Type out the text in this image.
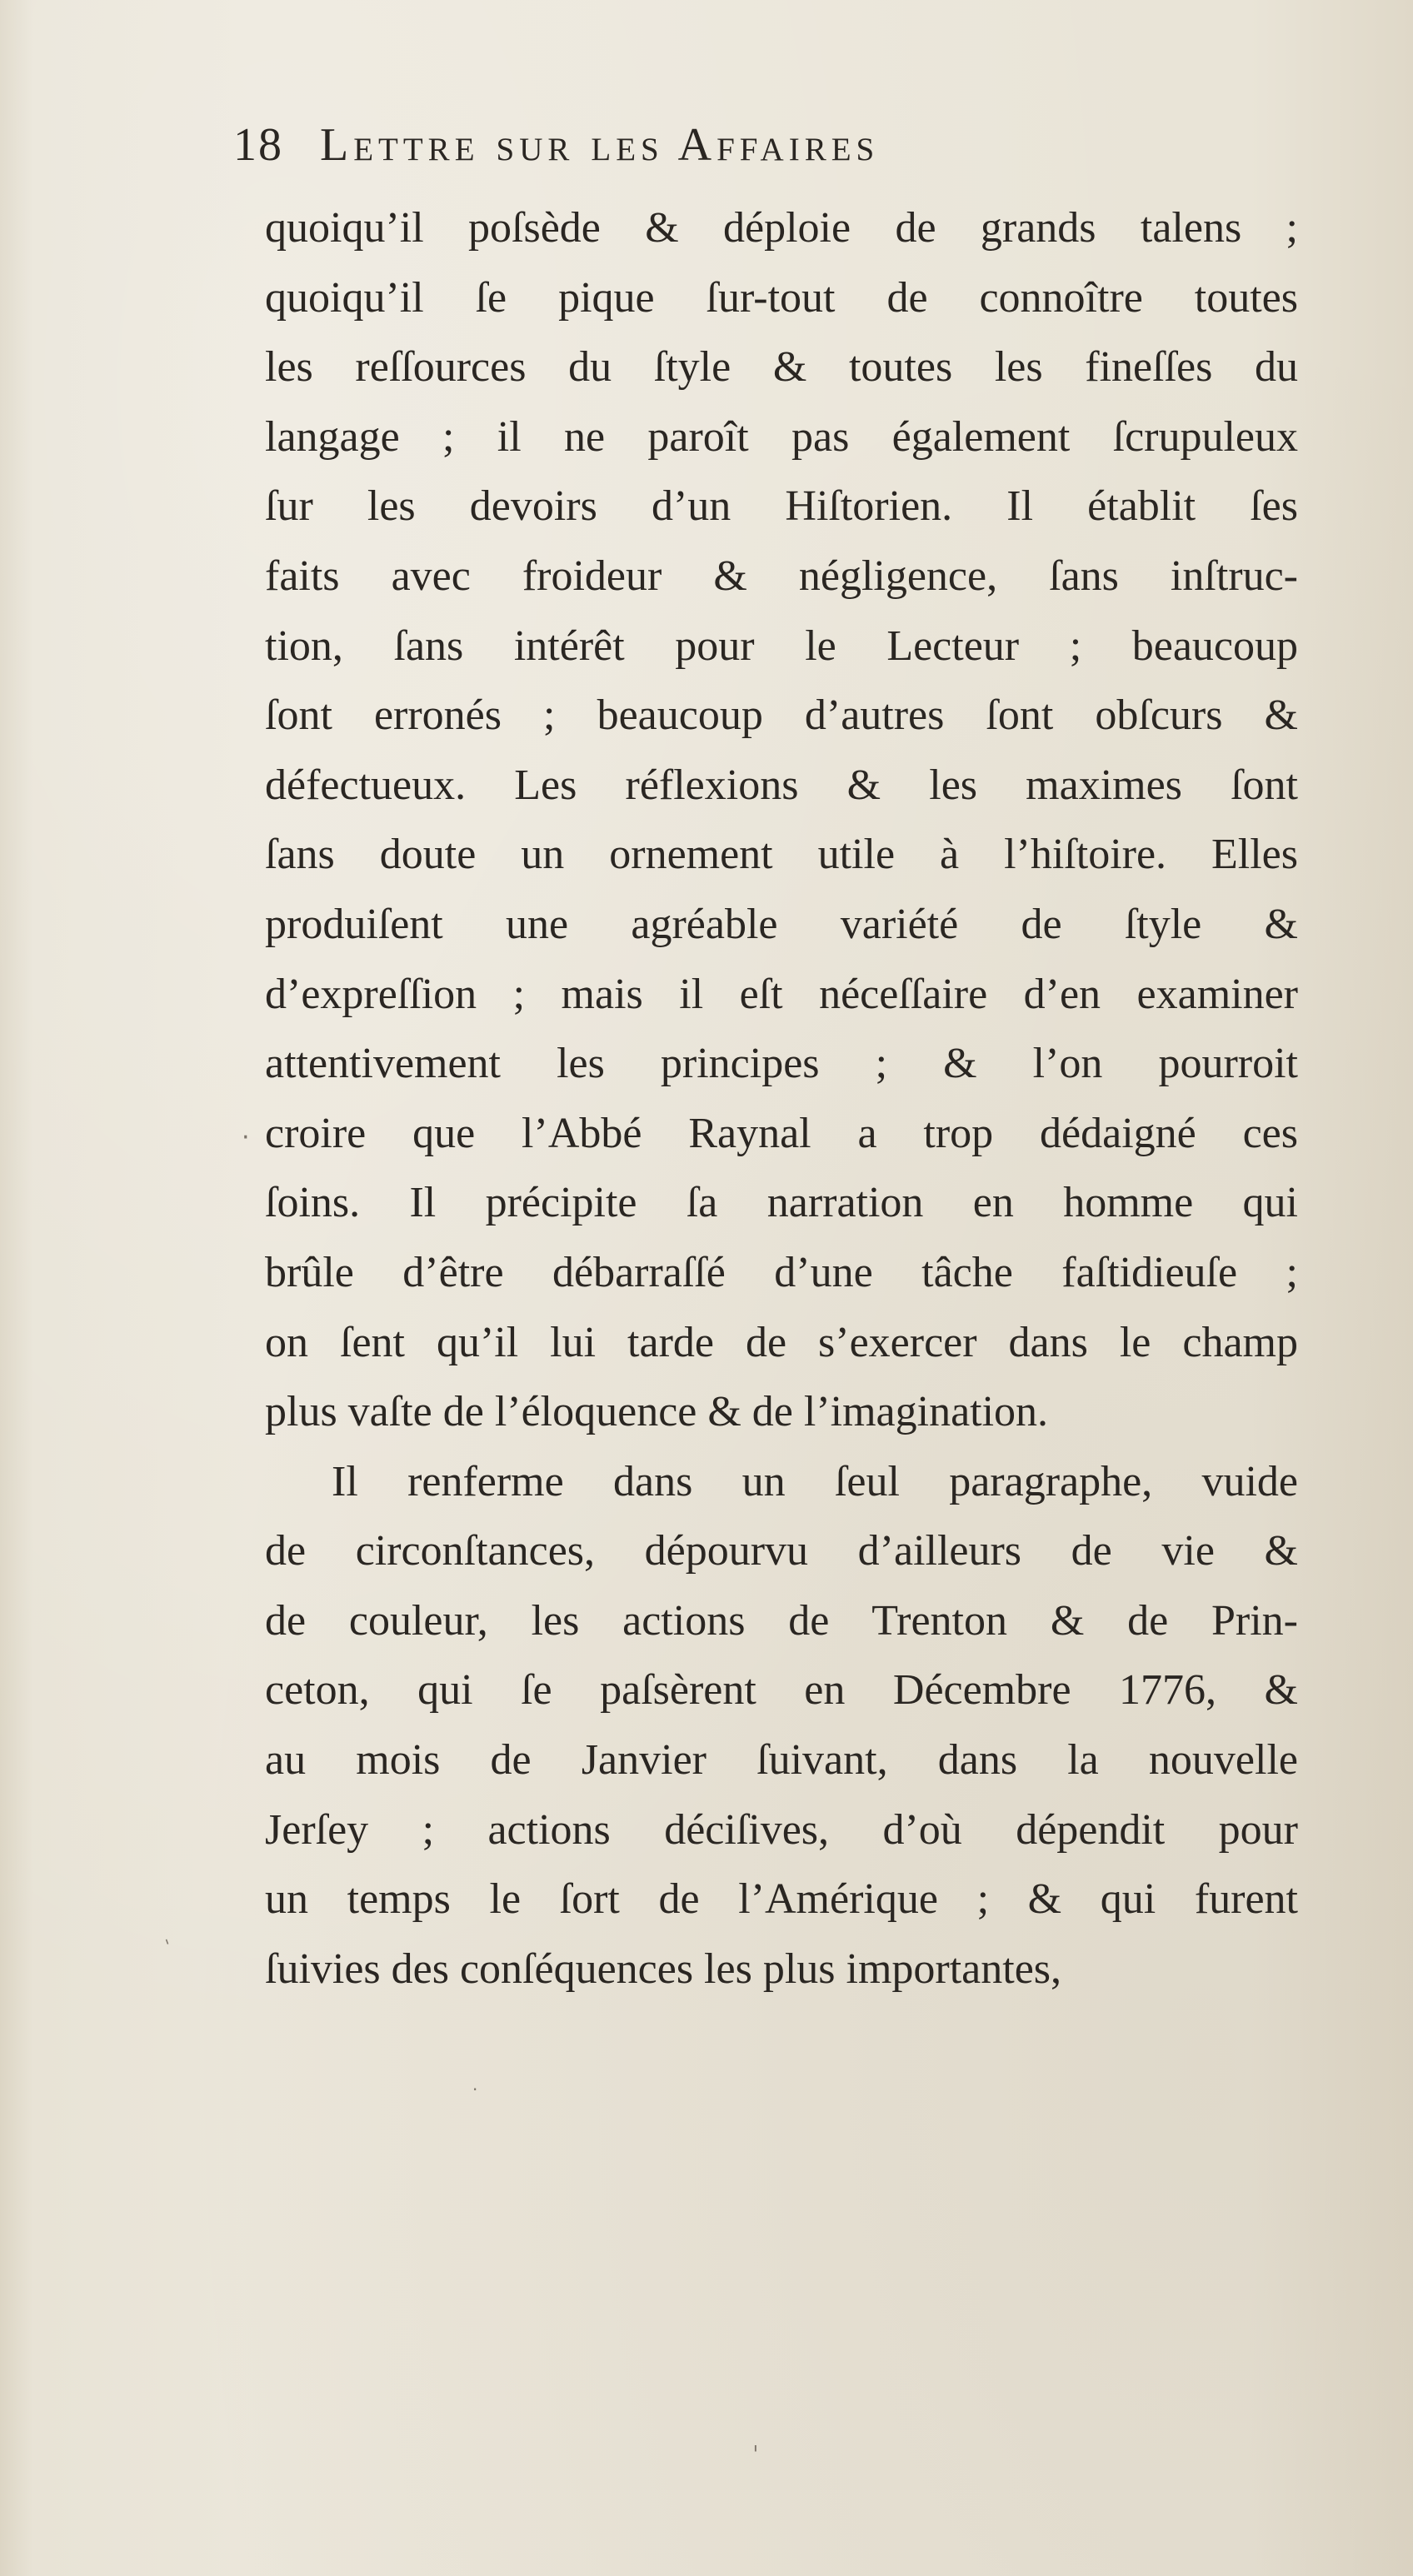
18 Lettre sur les Affaires
quoiqu’il poſsède & déploie de grands talens ;
quoiqu’il ſe pique ſur-tout de connoître toutes
les reſſources du ſtyle & toutes les fineſſes du
langage ; il ne paroît pas également ſcrupuleux
ſur les devoirs d’un Hiſtorien. Il établit ſes
faits avec froideur & négligence, ſans inſtruc-
tion, ſans intérêt pour le Lecteur ; beaucoup
ſont erronés ; beaucoup d’autres ſont obſcurs &
défectueux. Les réflexions & les maximes ſont
ſans doute un ornement utile à l’hiſtoire. Elles
produiſent une agréable variété de ſtyle &
d’expreſſion ; mais il eſt néceſſaire d’en examiner
attentivement les principes ; & l’on pourroit
croire que l’Abbé Raynal a trop dédaigné ces
ſoins. Il précipite ſa narration en homme qui
brûle d’être débarraſſé d’une tâche faſtidieuſe ;
on ſent qu’il lui tarde de s’exercer dans le champ
plus vaſte de l’éloquence & de l’imagination.
Il renferme dans un ſeul paragraphe, vuide
de circonſtances, dépourvu d’ailleurs de vie &
de couleur, les actions de Trenton & de Prin-
ceton, qui ſe paſsèrent en Décembre 1776, &
au mois de Janvier ſuivant, dans la nouvelle
Jerſey ; actions déciſives, d’où dépendit pour
un temps le ſort de l’Amérique ; & qui furent
ſuivies des conſéquences les plus importantes,
·
ˈ
·
ˈ
